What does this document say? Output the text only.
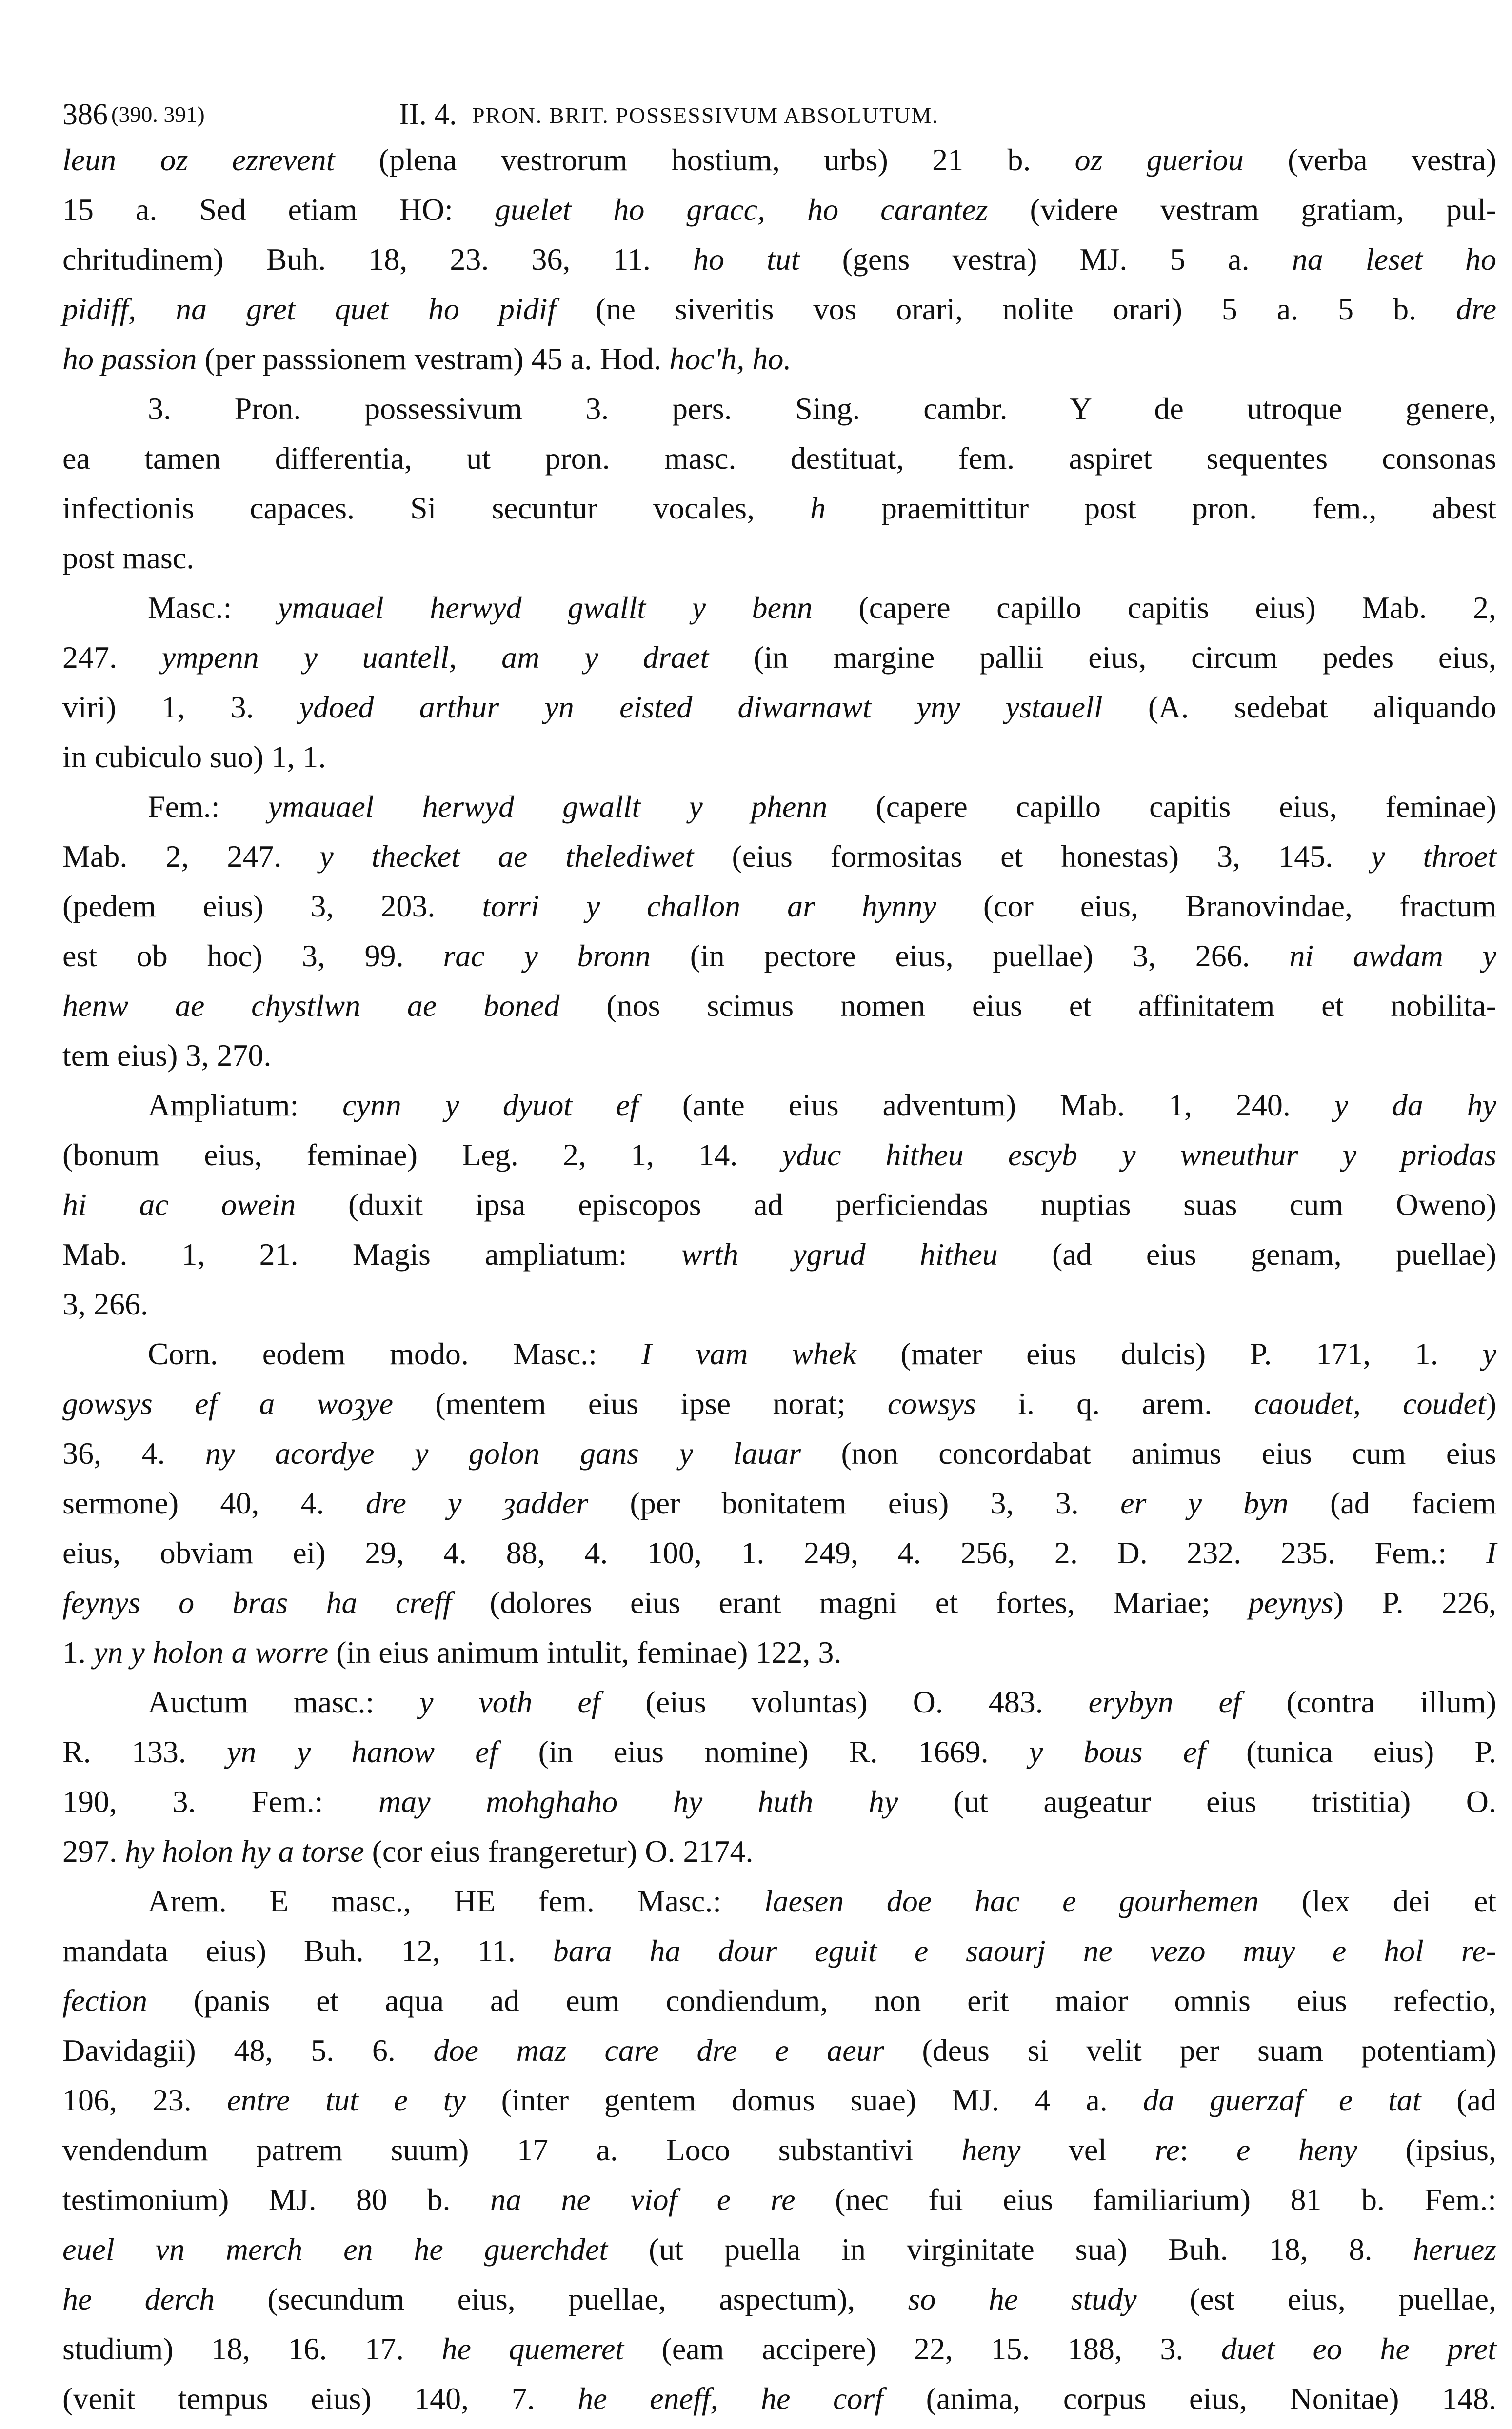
386 (390. 391)	II. 4. PRON. BRIT. POSSESSIVUM ABSOLUTUM.
leun oz ezrevent (plena vestrorum hostium, urbs) 21 b. oz gueriou (verba vestra)
15 a. Sed etiam HO: guelet ho gracc, ho carantez (videre vestram gratiam, pul-
chritudinem) Buh. 18, 23. 36, 11. ho tut (gens vestra) MJ. 5 a. na leset ho
pidiff, na gret quet ho pidif (ne siveritis vos orari, nolite orari) 5 a. 5 b. dre
ho passion (per passsionem vestram) 45 a. Hod. hoc'h, ho.
3. Pron. possessivum 3. pers. Sing. cambr. Y de utroque genere,
ea tamen differentia, ut pron. masc. destituat, fem. aspiret sequentes consonas
infectionis capaces. Si secuntur vocales, h praemittitur post pron. fem., abest
post masc.
Masc.: ymauael herwyd gwallt y benn (capere capillo capitis eius) Mab. 2,
247. ympenn y uantell, am y draet (in margine pallii eius, circum pedes eius,
viri) 1, 3. ydoed arthur yn eisted diwarnawt yny ystauell (A. sedebat aliquando
in cubiculo suo) 1, 1.
Fem.: ymauael herwyd gwallt y phenn (capere capillo capitis eius, feminae)
Mab. 2, 247. y thecket ae thelediwet (eius formositas et honestas) 3, 145. y throet
(pedem eius) 3, 203. torri y challon ar hynny (cor eius, Branovindae, fractum
est ob hoc) 3, 99. rac y bronn (in pectore eius, puellae) 3, 266. ni awdam y
henw ae chystlwn ae boned (nos scimus nomen eius et affinitatem et nobilita-
tem eius) 3, 270.
Ampliatum: cynn y dyuot ef (ante eius adventum) Mab. 1, 240. y da hy
(bonum eius, feminae) Leg. 2, 1, 14. yduc hitheu escyb y wneuthur y priodas
hi ac owein (duxit ipsa episcopos ad perficiendas nuptias suas cum Oweno)
Mab. 1, 21. Magis ampliatum: wrth ygrud hitheu (ad eius genam, puellae)
3, 266.
Corn. eodem modo. Masc.: I vam whek (mater eius dulcis) P. 171, 1. y
gowsys ef a woȝye (mentem eius ipse norat; cowsys i. q. arem. caoudet, coudet)
36, 4. ny acordye y golon gans y lauar (non concordabat animus eius cum eius
sermone) 40, 4. dre y ȝadder (per bonitatem eius) 3, 3. er y byn (ad faciem
eius, obviam ei) 29, 4. 88, 4. 100, 1. 249, 4. 256, 2. D. 232. 235. Fem.: I
feynys o bras ha creff (dolores eius erant magni et fortes, Mariae; peynys) P. 226,
1. yn y holon a worre (in eius animum intulit, feminae) 122, 3.
Auctum masc.: y voth ef (eius voluntas) O. 483. erybyn ef (contra illum)
R. 133. yn y hanow ef (in eius nomine) R. 1669. y bous ef (tunica eius) P.
190, 3. Fem.: may mohghaho hy huth hy (ut augeatur eius tristitia) O.
297. hy holon hy a torse (cor eius frangeretur) O. 2174.
Arem. E masc., HE fem. Masc.: laesen doe hac e gourhemen (lex dei et
mandata eius) Buh. 12, 11. bara ha dour eguit e saourj ne vezo muy e hol re-
fection (panis et aqua ad eum condiendum, non erit maior omnis eius refectio,
Davidagii) 48, 5. 6. doe maz care dre e aeur (deus si velit per suam potentiam)
106, 23. entre tut e ty (inter gentem domus suae) MJ. 4 a. da guerzaf e tat (ad
vendendum patrem suum) 17 a. Loco substantivi heny vel re: e heny (ipsius,
testimonium) MJ. 80 b. na ne viof e re (nec fui eius familiarium) 81 b. Fem.:
euel vn merch en he guerchdet (ut puella in virginitate sua) Buh. 18, 8. heruez
he derch (secundum eius, puellae, aspectum), so he study (est eius, puellae,
studium) 18, 16. 17. he quemeret (eam accipere) 22, 15. 188, 3. duet eo he pret
(venit tempus eius) 140, 7. he eneff, he corf (anima, corpus eius, Nonitae) 148.
